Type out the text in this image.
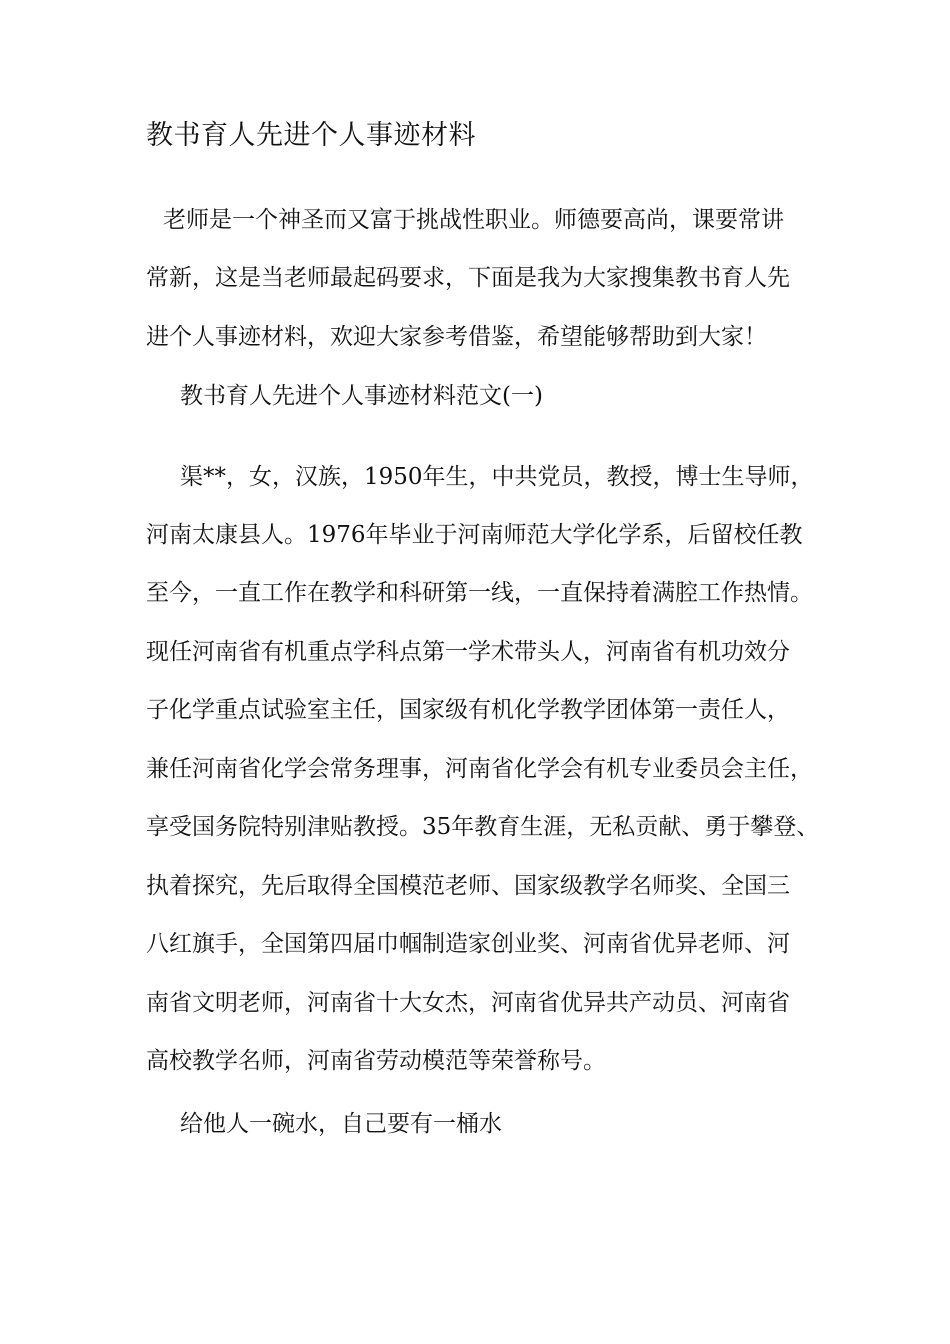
教书育人先进个人事迹材料
老师是一个神圣而又富于挑战性职业。师德要高尚，课要常讲
常新，这是当老师最起码要求，下面是我为大家搜集教书育人先
进个人事迹材料，欢迎大家参考借鉴，希望能够帮助到大家！
教书育人先进个人事迹材料范文(一)
渠**，女，汉族，1950年生，中共党员，教授，博士生导师，
河南太康县人。1976年毕业于河南师范大学化学系，后留校任教
至今，一直工作在教学和科研第一线，一直保持着满腔工作热情。
现任河南省有机重点学科点第一学术带头人，河南省有机功效分
子化学重点试验室主任，国家级有机化学教学团体第一责任人，
兼任河南省化学会常务理事，河南省化学会有机专业委员会主任，
享受国务院特别津贴教授。35年教育生涯，无私贡献、勇于攀登、
执着探究，先后取得全国模范老师、国家级教学名师奖、全国三
八红旗手，全国第四届巾帼制造家创业奖、河南省优异老师、河
南省文明老师，河南省十大女杰，河南省优异共产动员、河南省
高校教学名师，河南省劳动模范等荣誉称号。
给他人一碗水，自己要有一桶水
